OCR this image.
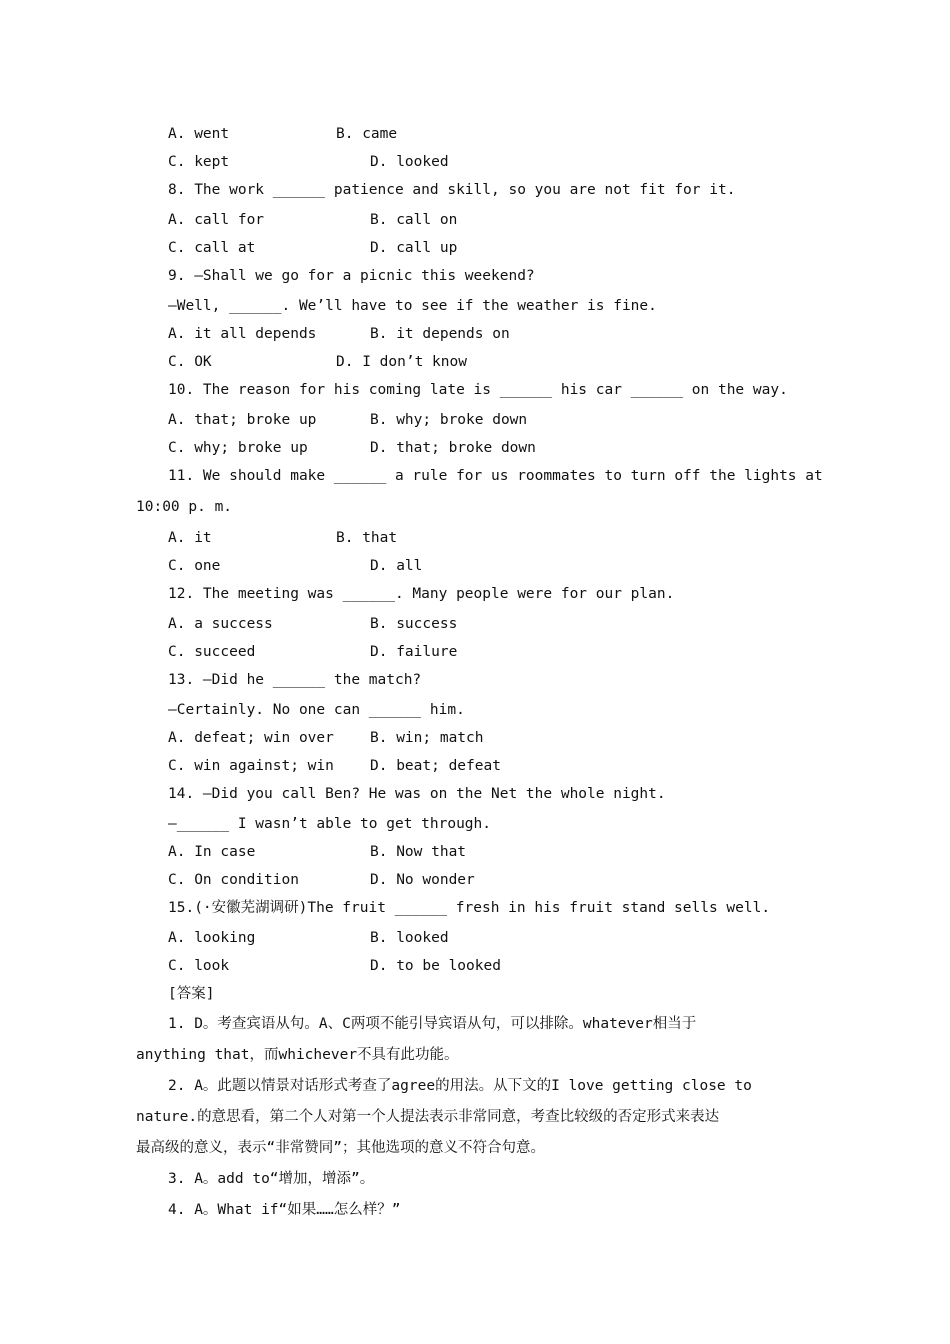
A. went	B. came
C. kept	D. looked
8. The work ______ patience and skill, so you are not fit for it.
A. call for	B. call on
C. call at	D. call up
9. —Shall we go for a picnic this weekend?
—Well, ______. We’ll have to see if the weather is fine.
A. it all depends	B. it depends on
C. OK	D. I don’t know
10. The reason for his coming late is ______ his car ______ on the way.
A. that; broke up	B. why; broke down
C. why; broke up	D. that; broke down
11. We should make ______ a rule for us roommates to turn off the lights at
10:00 p. m.
A. it	B. that
C. one	D. all
12. The meeting was ______. Many people were for our plan.
A. a success	B. success
C. succeed	D. failure
13. —Did he ______ the match?
—Certainly. No one can ______ him.
A. defeat; win over B. win; match
C. win against; win D. beat; defeat
14. —Did you call Ben? He was on the Net the whole night.
—______ I wasn’t able to get through.
A. In case	B. Now that
C. On condition	D. No wonder
15.(·安徽芜湖调研)The fruit ______ fresh in his fruit stand sells well.
A. looking	B. looked
C. look	D. to be looked
[答案]
1. D。考查宾语从句。A、C两项不能引导宾语从句，可以排除。whatever相当于
anything that，而whichever不具有此功能。
2. A。此题以情景对话形式考查了agree的用法。从下文的I love getting close to
nature.的意思看，第二个人对第一个人提法表示非常同意，考查比较级的否定形式来表达
最高级的意义，表示“非常赞同”；其他选项的意义不符合句意。
3. A。add to“增加，增添”。
4. A。What if“如果……怎么样？”
